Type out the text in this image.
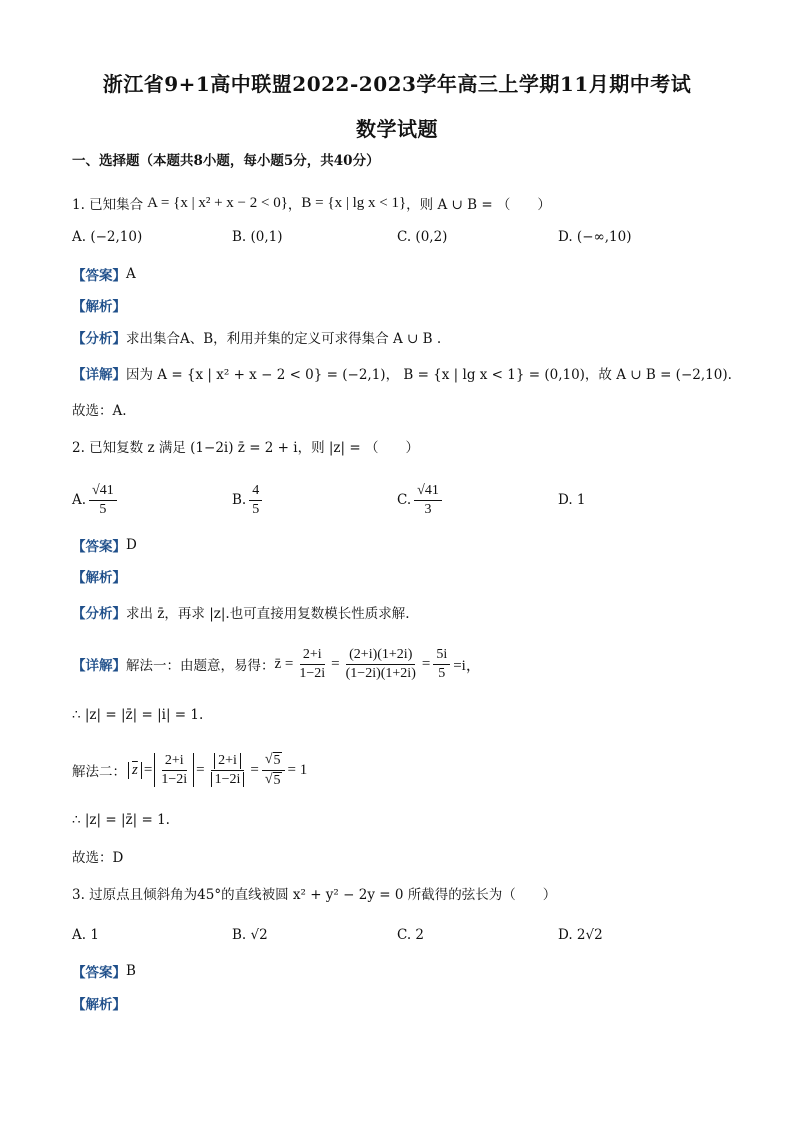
浙江省9+1高中联盟2022-2023学年高三上学期11月期中考试
数学试题
一、选择题（本题共8小题，每小题5分，共40分）
1. 已知集合 A = {x | x² + x − 2 < 0} ， B = {x | lg x < 1} ，则 A ∪ B = （　　）
A. (−2,10)	B. (0,1)	C. (0,2)	D. (−∞,10)
【答案】 A
【解析】
【分析】 求出集合A、B，利用并集的定义可求得集合 A ∪ B .
【详解】 因为 A = {x | x² + x − 2 < 0} = (−2,1)， B = {x | lg x < 1} = (0,10)，故 A ∪ B = (−2,10).
故选：A.
2. 已知复数 z 满足 (1−2i) z̄ = 2 + i，则 |z| = （　　）
A. $\frac{√41}{5}$	B. $\frac{4}{5}$	C. $\frac{√41}{3}$	D. 1
【答案】 D
【解析】
【分析】 求出 z̄，再求 |z|.也可直接用复数模长性质求解.
【详解】 解法一：由题意，易得： z̄ = $\frac{2+i}{1-2i} = \frac{(2+i)(1+2i)}{(1-2i)(1+2i)} = \frac{5i}{5} =i$，
∴ |z| = |z̄| = |i| = 1.
解法二： $\overline{z} = \frac{2+i}{1-2i} = \frac{2+i}{1-2i} = \frac{√ 5}{√ 5} = 1$
∴ |z| = |z̄| = 1.
故选：D
3. 过原点且倾斜角为45°的直线被圆 x² + y² − 2y = 0 所截得的弦长为（　　）
A. 1	B. √2	C. 2	D. 2√2
【答案】 B
【解析】
